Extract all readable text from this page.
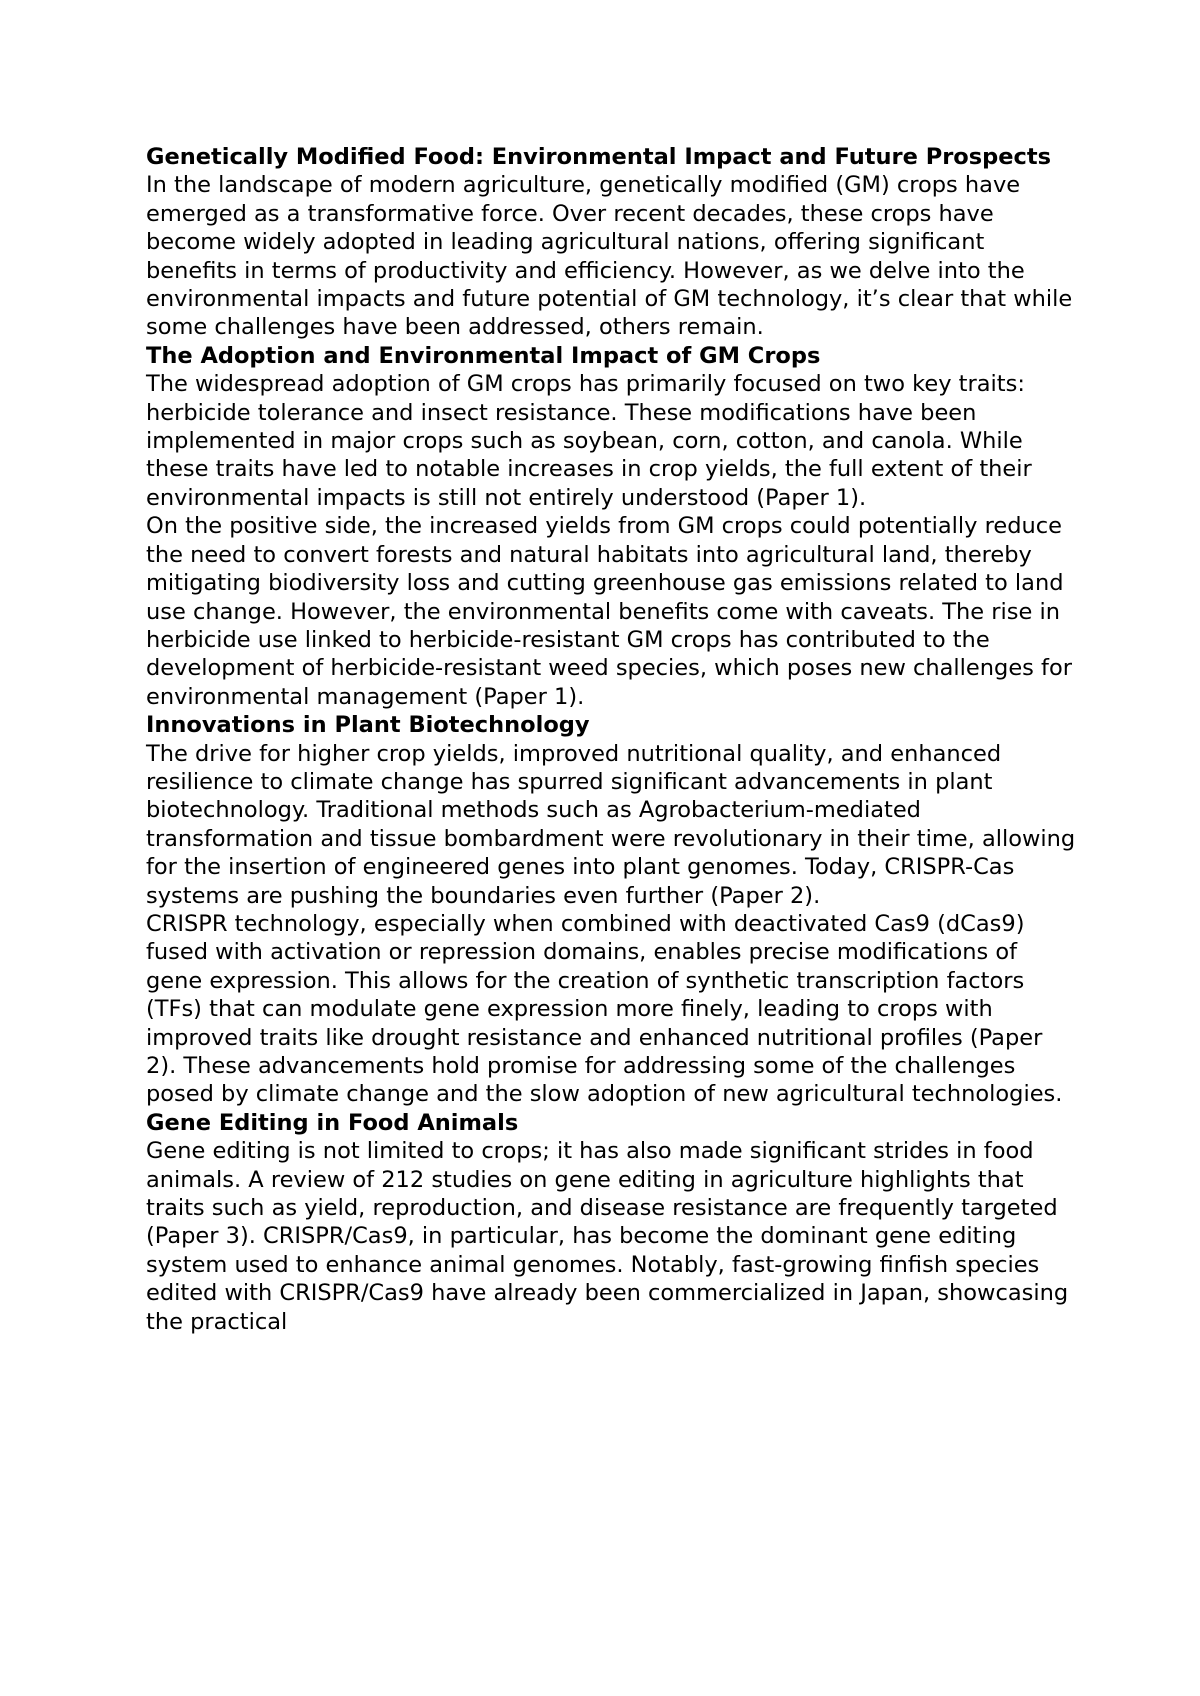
Genetically Modified Food: Environmental Impact and Future Prospects

In the landscape of modern agriculture, genetically modified (GM) crops have emerged as a transformative force. Over recent decades, these crops have become widely adopted in leading agricultural nations, offering significant benefits in terms of productivity and efficiency. However, as we delve into the environmental impacts and future potential of GM technology, it’s clear that while some challenges have been addressed, others remain.

The Adoption and Environmental Impact of GM Crops

The widespread adoption of GM crops has primarily focused on two key traits: herbicide tolerance and insect resistance. These modifications have been implemented in major crops such as soybean, corn, cotton, and canola. While these traits have led to notable increases in crop yields, the full extent of their environmental impacts is still not entirely understood (Paper 1).

On the positive side, the increased yields from GM crops could potentially reduce the need to convert forests and natural habitats into agricultural land, thereby mitigating biodiversity loss and cutting greenhouse gas emissions related to land use change. However, the environmental benefits come with caveats. The rise in herbicide use linked to herbicide-resistant GM crops has contributed to the development of herbicide-resistant weed species, which poses new challenges for environmental management (Paper 1).

Innovations in Plant Biotechnology

The drive for higher crop yields, improved nutritional quality, and enhanced resilience to climate change has spurred significant advancements in plant biotechnology. Traditional methods such as Agrobacterium-mediated transformation and tissue bombardment were revolutionary in their time, allowing for the insertion of engineered genes into plant genomes. Today, CRISPR-Cas systems are pushing the boundaries even further (Paper 2).

CRISPR technology, especially when combined with deactivated Cas9 (dCas9) fused with activation or repression domains, enables precise modifications of gene expression. This allows for the creation of synthetic transcription factors (TFs) that can modulate gene expression more finely, leading to crops with improved traits like drought resistance and enhanced nutritional profiles (Paper 2). These advancements hold promise for addressing some of the challenges posed by climate change and the slow adoption of new agricultural technologies.

Gene Editing in Food Animals

Gene editing is not limited to crops; it has also made significant strides in food animals. A review of 212 studies on gene editing in agriculture highlights that traits such as yield, reproduction, and disease resistance are frequently targeted (Paper 3). CRISPR/Cas9, in particular, has become the dominant gene editing system used to enhance animal genomes. Notably, fast-growing finfish species edited with CRISPR/Cas9 have already been commercialized in Japan, showcasing the practical
